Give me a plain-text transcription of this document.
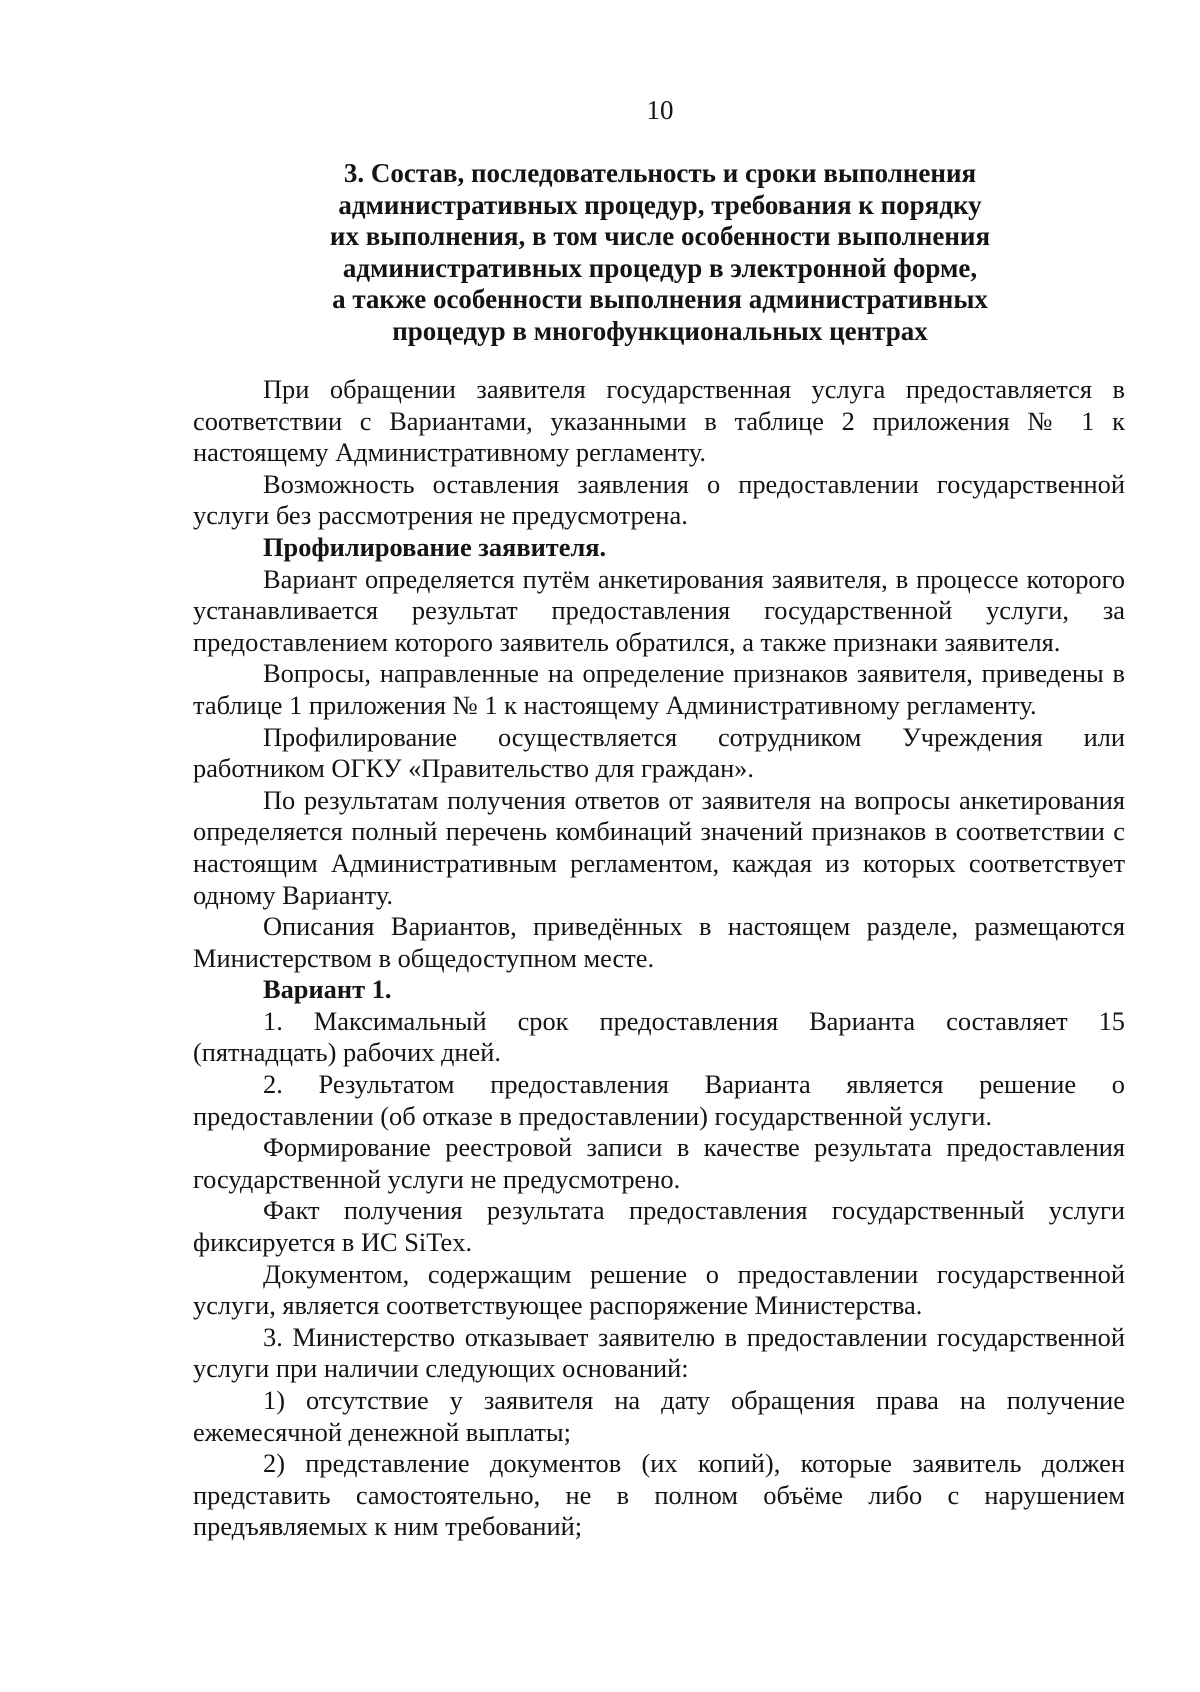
10
3. Состав, последовательность и сроки выполнения
административных процедур, требования к порядку
их выполнения, в том числе особенности выполнения
административных процедур в электронной форме,
а также особенности выполнения административных
процедур в многофункциональных центрах

При обращении заявителя государственная услуга предоставляется в соответствии с Вариантами, указанными в таблице 2 приложения № 1 к настоящему Административному регламенту.

Возможность оставления заявления о предоставлении государственной услуги без рассмотрения не предусмотрена.

Профилирование заявителя.

Вариант определяется путём анкетирования заявителя, в процессе которого устанавливается результат предоставления государственной услуги, за предоставлением которого заявитель обратился, а также признаки заявителя.

Вопросы, направленные на определение признаков заявителя, приведены в таблице 1 приложения № 1 к настоящему Административному регламенту.

Профилирование осуществляется сотрудником Учреждения или работником ОГКУ «Правительство для граждан».

По результатам получения ответов от заявителя на вопросы анкетирования определяется полный перечень комбинаций значений признаков в соответствии с настоящим Административным регламентом, каждая из которых соответствует одному Варианту.

Описания Вариантов, приведённых в настоящем разделе, размещаются Министерством в общедоступном месте.

Вариант 1.

1. Максимальный срок предоставления Варианта составляет 15 (пятнадцать) рабочих дней.

2. Результатом предоставления Варианта является решение о предоставлении (об отказе в предоставлении) государственной услуги.

Формирование реестровой записи в качестве результата предоставления государственной услуги не предусмотрено.

Факт получения результата предоставления государственный услуги фиксируется в ИС SiTex.

Документом, содержащим решение о предоставлении государственной услуги, является соответствующее распоряжение Министерства.

3. Министерство отказывает заявителю в предоставлении государственной услуги при наличии следующих оснований:

1) отсутствие у заявителя на дату обращения права на получение ежемесячной денежной выплаты;

2) представление документов (их копий), которые заявитель должен представить самостоятельно, не в полном объёме либо с нарушением предъявляемых к ним требований;
